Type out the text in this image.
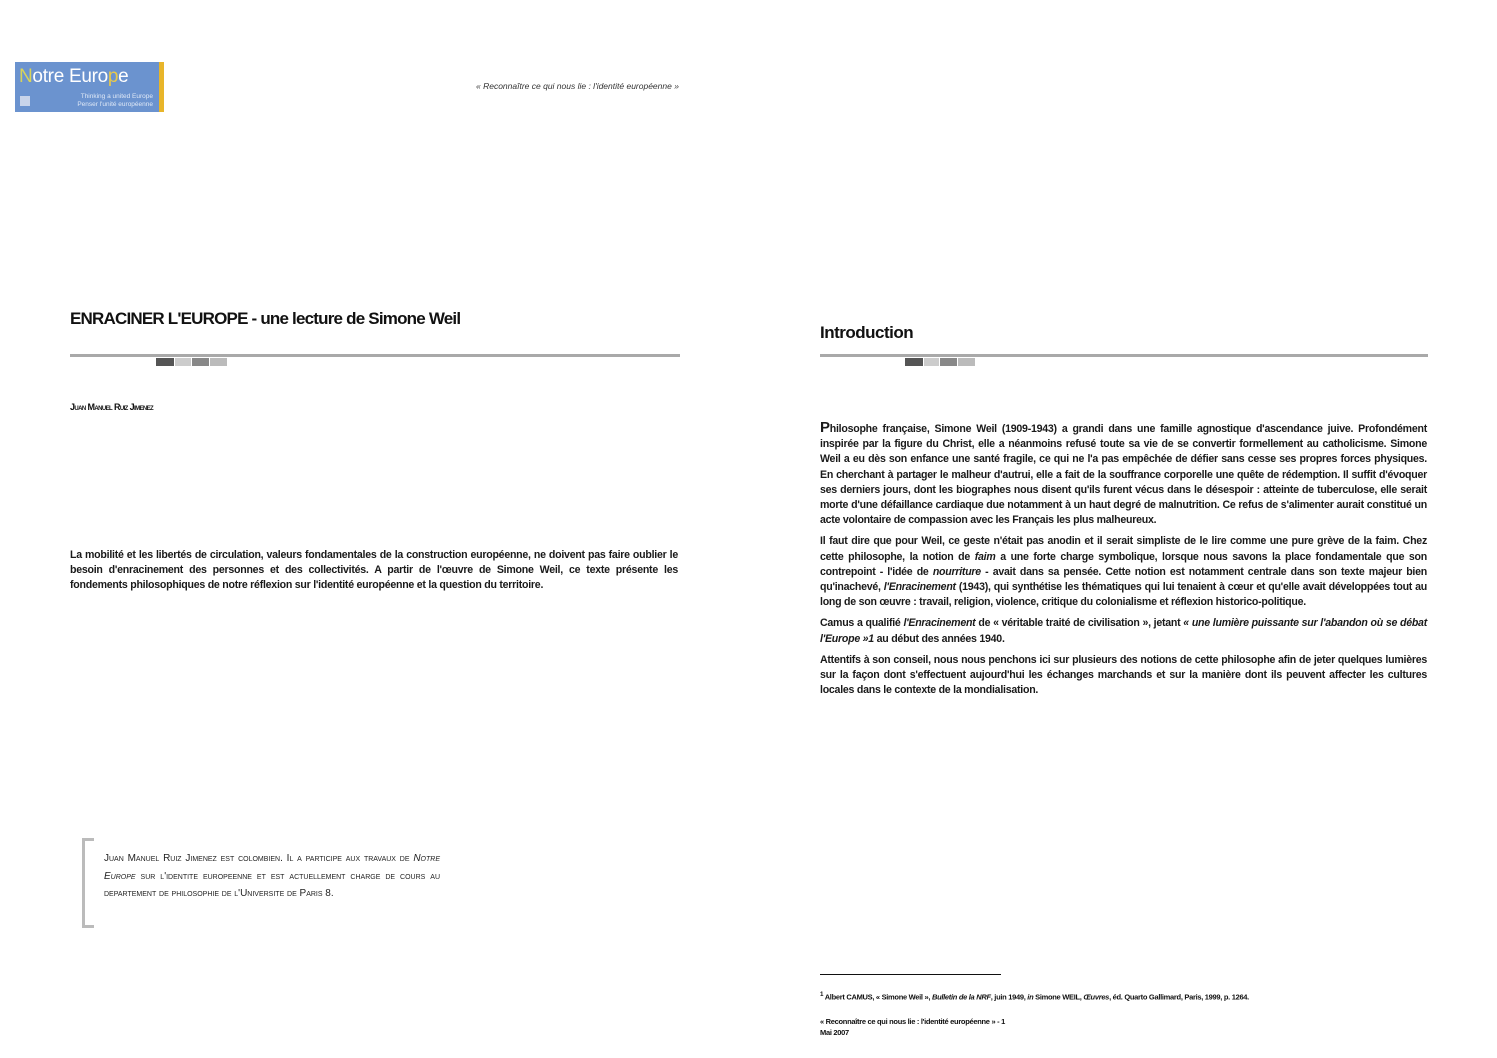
Notre Europe
Thinking a united Europe
Penser l'unité européenne
« Reconnaître ce qui nous lie : l'identité européenne »
ENRACINER L'EUROPE - une lecture de Simone Weil
Juan Manuel Ruiz Jimenez

La mobilité et les libertés de circulation, valeurs fondamentales de la construction européenne, ne doivent pas faire oublier le besoin d'enracinement des personnes et des collectivités. A partir de l'œuvre de Simone Weil, ce texte présente les fondements philosophiques de notre réflexion sur l'identité européenne et la question du territoire.

Juan Manuel Ruiz Jimenez est colombien. Il a participe aux travaux de Notre Europe sur l'identite europeenne et est actuellement charge de cours au departement de philosophie de l'Universite de Paris 8.
Introduction

Philosophe française, Simone Weil (1909-1943) a grandi dans une famille agnostique d'ascendance juive. Profondément inspirée par la figure du Christ, elle a néanmoins refusé toute sa vie de se convertir formellement au catholicisme. Simone Weil a eu dès son enfance une santé fragile, ce qui ne l'a pas empêchée de défier sans cesse ses propres forces physiques. En cherchant à partager le malheur d'autrui, elle a fait de la souffrance corporelle une quête de rédemption. Il suffit d'évoquer ses derniers jours, dont les biographes nous disent qu'ils furent vécus dans le désespoir : atteinte de tuberculose, elle serait morte d'une défaillance cardiaque due notamment à un haut degré de malnutrition. Ce refus de s'alimenter aurait constitué un acte volontaire de compassion avec les Français les plus malheureux.

Il faut dire que pour Weil, ce geste n'était pas anodin et il serait simpliste de le lire comme une pure grève de la faim. Chez cette philosophe, la notion de faim a une forte charge symbolique, lorsque nous savons la place fondamentale que son contrepoint - l'idée de nourriture - avait dans sa pensée. Cette notion est notamment centrale dans son texte majeur bien qu'inachevé, l'Enracinement (1943), qui synthétise les thématiques qui lui tenaient à cœur et qu'elle avait développées tout au long de son œuvre : travail, religion, violence, critique du colonialisme et réflexion historico-politique.

Camus a qualifié l'Enracinement de « véritable traité de civilisation », jetant « une lumière puissante sur l'abandon où se débat l'Europe »1 au début des années 1940.

Attentifs à son conseil, nous nous penchons ici sur plusieurs des notions de cette philosophe afin de jeter quelques lumières sur la façon dont s'effectuent aujourd'hui les échanges marchands et sur la manière dont ils peuvent affecter les cultures locales dans le contexte de la mondialisation.

$^1$ Albert CAMUS, « Simone Weil », Bulletin de la NRF, juin 1949, in Simone WEIL, Œuvres, éd. Quarto Gallimard, Paris, 1999, p. 1264.
« Reconnaître ce qui nous lie : l'identité européenne » - 1
Mai 2007
